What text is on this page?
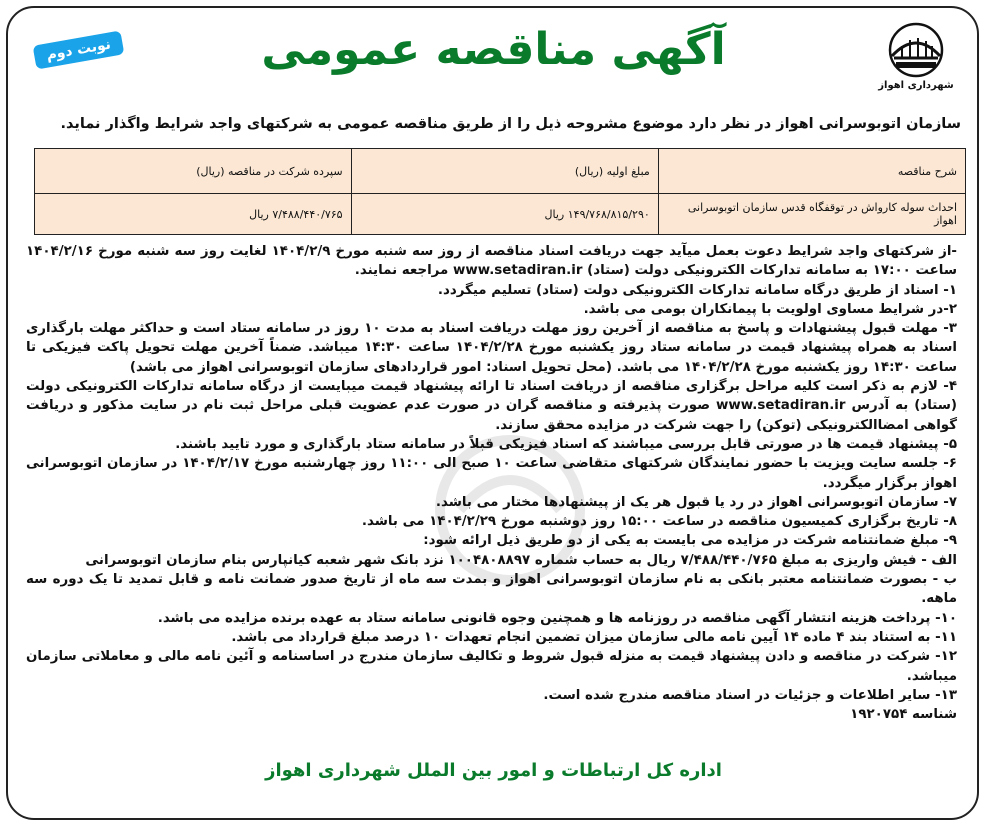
شهرداری اهواز
آگهی مناقصه عمومی
نوبت دوم
سازمان اتوبوسرانی اهواز در نظر دارد موضوع مشروحه ذیل را از طریق مناقصه عمومی به شرکتهای واجد شرایط واگذار نماید.
شرح مناقصه	مبلغ اولیه (ریال)	سپرده شرکت در مناقصه (ریال)
احداث سوله کارواش در توقفگاه قدس سازمان اتوبوسرانی اهواز	۱۴۹/۷۶۸/۸۱۵/۲۹۰ ریال	۷/۴۸۸/۴۴۰/۷۶۵ ریال

-از شرکتهای واجد شرایط دعوت بعمل میآید جهت دریافت اسناد مناقصه از روز سه شنبه مورخ ۱۴۰۴/۲/۹ لغایت روز سه شنبه مورخ ۱۴۰۴/۲/۱۶ ساعت ۱۷:۰۰ به سامانه تدارکات الکترونیکی دولت (ستاد) www.setadiran.ir مراجعه نمایند.

۱- اسناد از طریق درگاه سامانه تدارکات الکترونیکی دولت (ستاد) تسلیم میگردد.

۲-در شرایط مساوی اولویت با پیمانکاران بومی می باشد.

۳- مهلت قبول پیشنهادات و پاسخ به مناقصه از آخرین روز مهلت دریافت اسناد به مدت ۱۰ روز در سامانه ستاد است و حداکثر مهلت بارگذاری اسناد به همراه پیشنهاد قیمت در سامانه ستاد روز یکشنبه مورخ ۱۴۰۴/۲/۲۸ ساعت ۱۴:۳۰ میباشد. ضمناً آخرین مهلت تحویل پاکت فیزیکی تا ساعت ۱۴:۳۰ روز یکشنبه مورخ ۱۴۰۴/۲/۲۸ می باشد. (محل تحویل اسناد: امور قراردادهای سازمان اتوبوسرانی اهواز می باشد)

۴- لازم به ذکر است کلیه مراحل برگزاری مناقصه از دریافت اسناد تا ارائه پیشنهاد قیمت میبایست از درگاه سامانه تدارکات الکترونیکی دولت (ستاد) به آدرس www.setadiran.ir صورت پذیرفته و مناقصه گران در صورت عدم عضویت قبلی مراحل ثبت نام در سایت مذکور و دریافت گواهی امضاالکترونیکی (توکن) را جهت شرکت در مزایده محقق سازند.

۵- پیشنهاد قیمت ها در صورتی قابل بررسی میباشند که اسناد فیزیکی قبلاً در سامانه ستاد بارگذاری و مورد تایید باشند.

۶- جلسه سایت ویزیت با حضور نمایندگان شرکتهای متقاضی ساعت ۱۰ صبح الی ۱۱:۰۰ روز چهارشنبه مورخ ۱۴۰۴/۲/۱۷ در سازمان اتوبوسرانی اهواز برگزار میگردد.

۷- سازمان اتوبوسرانی اهواز در رد یا قبول هر یک از پیشنهادها مختار می باشد.

۸- تاریخ برگزاری کمیسیون مناقصه در ساعت ۱۵:۰۰ روز دوشنبه مورخ ۱۴۰۴/۲/۲۹ می باشد.

۹- مبلغ ضمانتنامه شرکت در مزایده می بایست به یکی از دو طریق ذیل ارائه شود:

الف - فیش واریزی به مبلغ ۷/۴۸۸/۴۴۰/۷۶۵ ریال به حساب شماره ۱۰۰۴۸۰۸۸۹۷ نزد بانک شهر شعبه کیانپارس بنام سازمان اتوبوسرانی

ب - بصورت ضمانتنامه معتبر بانکی به نام سازمان اتوبوسرانی اهواز و بمدت سه ماه از تاریخ صدور ضمانت نامه و قابل تمدید تا یک دوره سه ماهه.

۱۰- پرداخت هزینه انتشار آگهی مناقصه در روزنامه ها و همچنین وجوه قانونی سامانه ستاد به عهده برنده مزایده می باشد.

۱۱- به استناد بند ۴ ماده ۱۴ آیین نامه مالی سازمان میزان تضمین انجام تعهدات ۱۰ درصد مبلغ قرارداد می باشد.

۱۲- شرکت در مناقصه و دادن پیشنهاد قیمت به منزله قبول شروط و تکالیف سازمان مندرج در اساسنامه و آئین نامه مالی و معاملاتی سازمان میباشد.

۱۳- سایر اطلاعات و جزئیات در اسناد مناقصه مندرج شده است.

شناسه ۱۹۲۰۷۵۴

اداره کل ارتباطات و امور بین الملل شهرداری اهواز
